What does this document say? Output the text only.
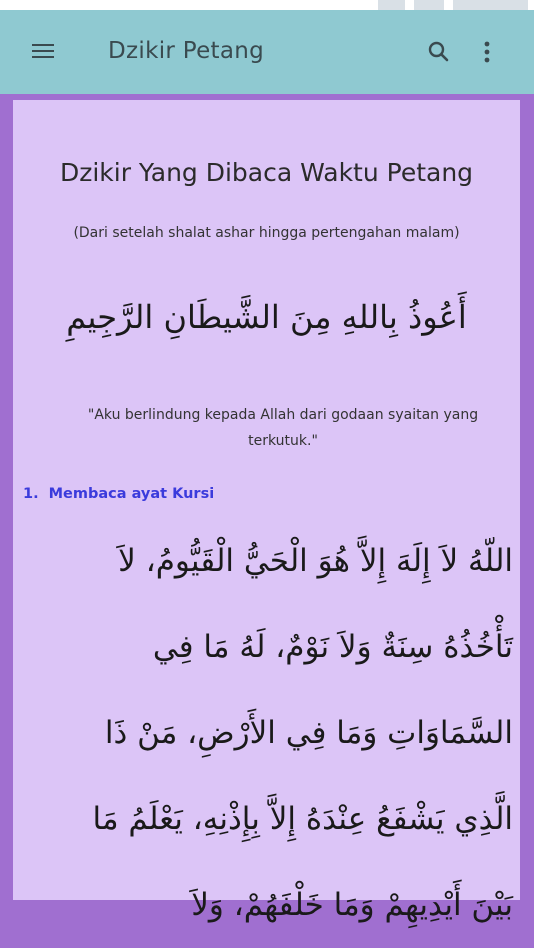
Dzikir Petang
Dzikir Yang Dibaca Waktu Petang
(Dari setelah shalat ashar hingga pertengahan malam)
أَعُوذُ بِاللهِ مِنَ الشَّيطَانِ الرَّجِيمِ
"Aku berlindung kepada Allah dari godaan syaitan yang terkutuk."
1. Membaca ayat Kursi
اللّهُ لاَ إِلَهَ إِلاَّ هُوَ الْحَيُّ الْقَيُّومُ، لاَ
تَأْخُذُهُ سِنَةٌ وَلاَ نَوْمٌ، لَهُ مَا فِي
السَّمَاوَاتِ وَمَا فِي الأَرْضِ، مَنْ ذَا
الَّذِي يَشْفَعُ عِنْدَهُ إِلاَّ بِإِذْنِهِ، يَعْلَمُ مَا
بَيْنَ أَيْدِيهِمْ وَمَا خَلْفَهُمْ، وَلاَ
